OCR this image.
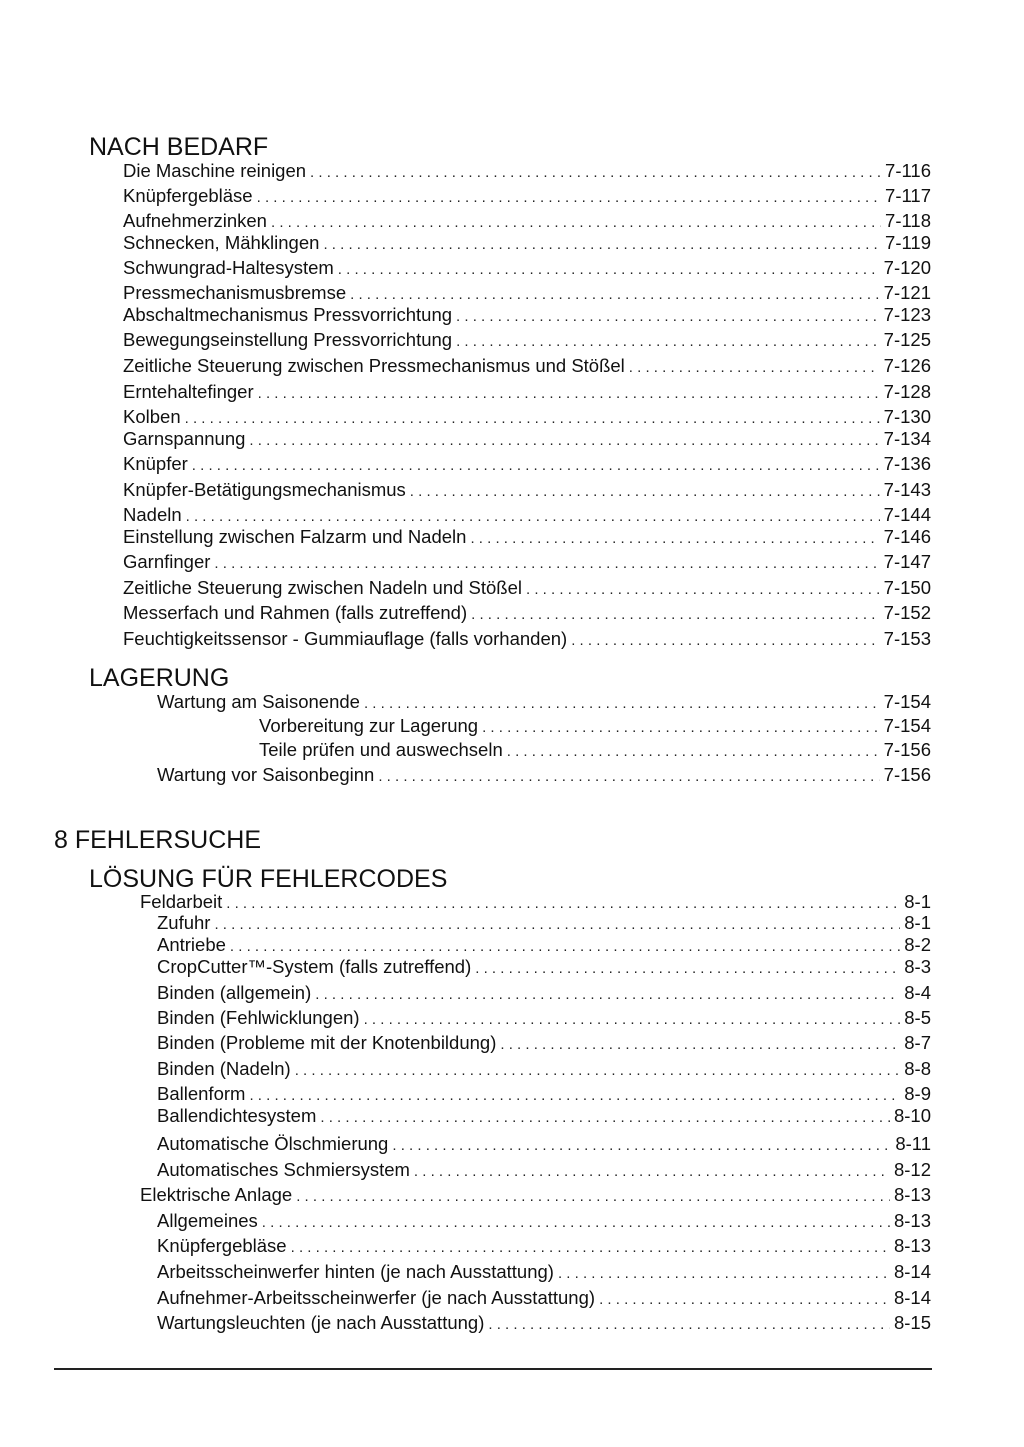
NACH BEDARF
Die Maschine reinigen . . .	7-116
Knüpfergebläse . . .	7-117
Aufnehmerzinken . . .	7-118
Schnecken, Mähklingen . . .	7-119
Schwungrad-Haltesystem . . .	7-120
Pressmechanismusbremse . . .	7-121
Abschaltmechanismus Pressvorrichtung . . .	7-123
Bewegungseinstellung Pressvorrichtung . . .	7-125
Zeitliche Steuerung zwischen Pressmechanismus und Stößel . . .	7-126
Erntehaltefinger . . .	7-128
Kolben . . .	7-130
Garnspannung . . .	7-134
Knüpfer . . .	7-136
Knüpfer-Betätigungsmechanismus . . .	7-143
Nadeln . . .	7-144
Einstellung zwischen Falzarm und Nadeln . . .	7-146
Garnfinger . . .	7-147
Zeitliche Steuerung zwischen Nadeln und Stößel . . .	7-150
Messerfach und Rahmen (falls zutreffend) . . .	7-152
Feuchtigkeitssensor - Gummiauflage (falls vorhanden) . . .	7-153
LAGERUNG
Wartung am Saisonende . . .	7-154
Vorbereitung zur Lagerung . . .	7-154
Teile prüfen und auswechseln . . .	7-156
Wartung vor Saisonbeginn . . .	7-156
8 FEHLERSUCHE
LÖSUNG FÜR FEHLERCODES
Feldarbeit . . .	8-1
Zufuhr . . .	8-1
Antriebe . . .	8-2
CropCutter™-System (falls zutreffend) . . .	8-3
Binden (allgemein) . . .	8-4
Binden (Fehlwicklungen) . . .	8-5
Binden (Probleme mit der Knotenbildung) . . .	8-7
Binden (Nadeln) . . .	8-8
Ballenform . . .	8-9
Ballendichtesystem . . .	8-10
Automatische Ölschmierung . . .	8-11
Automatisches Schmiersystem . . .	8-12
Elektrische Anlage . . .	8-13
Allgemeines . . .	8-13
Knüpfergebläse . . .	8-13
Arbeitsscheinwerfer hinten (je nach Ausstattung) . . .	8-14
Aufnehmer-Arbeitsscheinwerfer (je nach Ausstattung) . . .	8-14
Wartungsleuchten (je nach Ausstattung) . . .	8-15
